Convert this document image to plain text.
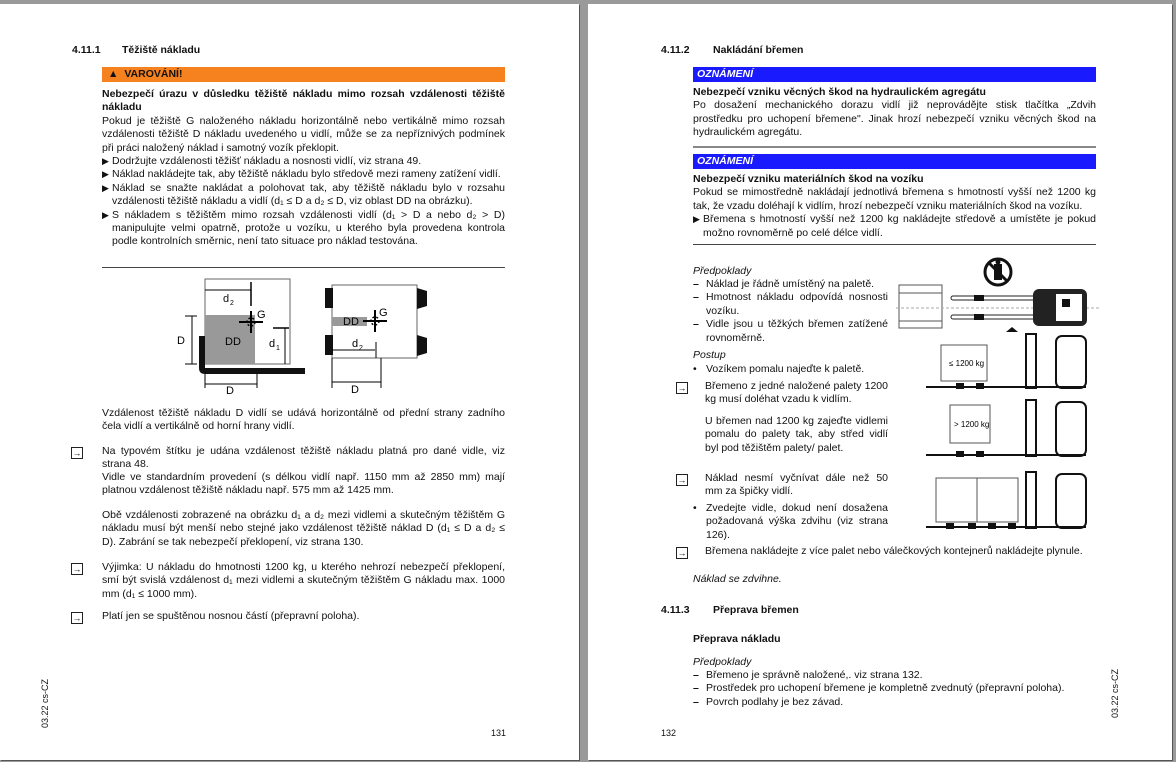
4.11.1 Těžiště nákladu
▲ VAROVÁNÍ!
Nebezpečí úrazu v důsledku těžiště nákladu mimo rozsah vzdálenosti těžiště nákladu
Pokud je těžiště G naloženého nákladu horizontálně nebo vertikálně mimo rozsah vzdálenosti těžiště D nákladu uvedeného u vidlí, může se za nepříznivých podmínek při práci naložený náklad i samotný vozík překlopit.
▶ Dodržujte vzdálenosti těžišť nákladu a nosnosti vidlí, viz strana 49.
▶ Náklad nakládejte tak, aby těžiště nákladu bylo středově mezi rameny zatížení vidlí.
▶ Náklad se snažte nakládat a polohovat tak, aby těžiště nákladu bylo v rozsahu vzdálenosti těžiště nákladu a vidlí (d₁ ≤ D a d₂ ≤ D, viz oblast DD na obrázku).
▶ S nákladem s těžištěm mimo rozsah vzdálenosti vidlí (d₁ > D a nebo d₂ > D) manipulujte velmi opatrně, protože u vozíku, u kterého byla provedena kontrola podle kontrolních směrnic, není tato situace pro náklad testována.
d 2
G
D	DD	d 1
D
DD
G
d 2
D
Vzdálenost těžiště nákladu D vidlí se udává horizontálně od přední strany zadního čela vidlí a vertikálně od horní hrany vidlí.
→ Na typovém štítku je udána vzdálenost těžiště nákladu platná pro dané vidle, viz strana 48.
Vidle ve standardním provedení (s délkou vidlí např. 1150 mm až 2850 mm) mají platnou vzdálenost těžiště nákladu např. 575 mm až 1425 mm.
Obě vzdálenosti zobrazené na obrázku d₁ a d₂ mezi vidlemi a skutečným těžištěm G nákladu musí být menší nebo stejné jako vzdálenost těžiště náklad D (d₁ ≤ D a d₂ ≤ D). Zabrání se tak nebezpečí překlopení, viz strana 130.
→ Výjimka: U nákladu do hmotnosti 1200 kg, u kterého nehrozí nebezpečí překlopení, smí být svislá vzdálenost d₁ mezi vidlemi a skutečným těžištěm G nákladu max. 1000 mm (d₁ ≤ 1000 mm).
→ Platí jen se spuštěnou nosnou částí (přepravní poloha).
03.22 cs-CZ
131
4.11.2 Nakládání břemen
OZNÁMENÍ
Nebezpečí vzniku věcných škod na hydraulickém agregátu
Po dosažení mechanického dorazu vidlí již neprovádějte stisk tlačítka „Zdvih prostředku pro uchopení břemene". Jinak hrozí nebezpečí vzniku věcných škod na hydraulickém agregátu.
OZNÁMENÍ
Nebezpečí vzniku materiálních škod na vozíku
Pokud se mimostředně nakládají jednotlivá břemena s hmotností vyšší než 1200 kg tak, že vzadu doléhají k vidlím, hrozí nebezpečí vzniku materiálních škod na vozíku.
▶ Břemena s hmotností vyšší než 1200 kg nakládejte středově a umístěte je pokud možno rovnoměrně po celé délce vidlí.
Předpoklady
– Náklad je řádně umístěný na paletě.
– Hmotnost nákladu odpovídá nosnosti vozíku.
– Vidle jsou u těžkých břemen zatížené rovnoměrně.
Postup
• Vozíkem pomalu najeďte k paletě.
→ Břemeno z jedné naložené palety 1200 kg musí doléhat vzadu k vidlím.
U břemen nad 1200 kg zajeďte vidlemi pomalu do palety tak, aby střed vidlí byl pod těžištěm palety/ palet.
→ Náklad nesmí vyčnívat dále než 50 mm za špičky vidlí.
• Zvedejte vidle, dokud není dosažena požadovaná výška zdvihu (viz strana 126).
→ Břemena nakládejte z více palet nebo válečkových kontejnerů nakládejte plynule.
Náklad se zdvihne.
≤ 1200 kg
> 1200 kg
4.11.3 Přeprava břemen
Přeprava nákladu
Předpoklady
– Břemeno je správně naložené,. viz strana 132.
– Prostředek pro uchopení břemene je kompletně zvednutý (přepravní poloha).
– Povrch podlahy je bez závad.	03.22 cs-CZ
132
